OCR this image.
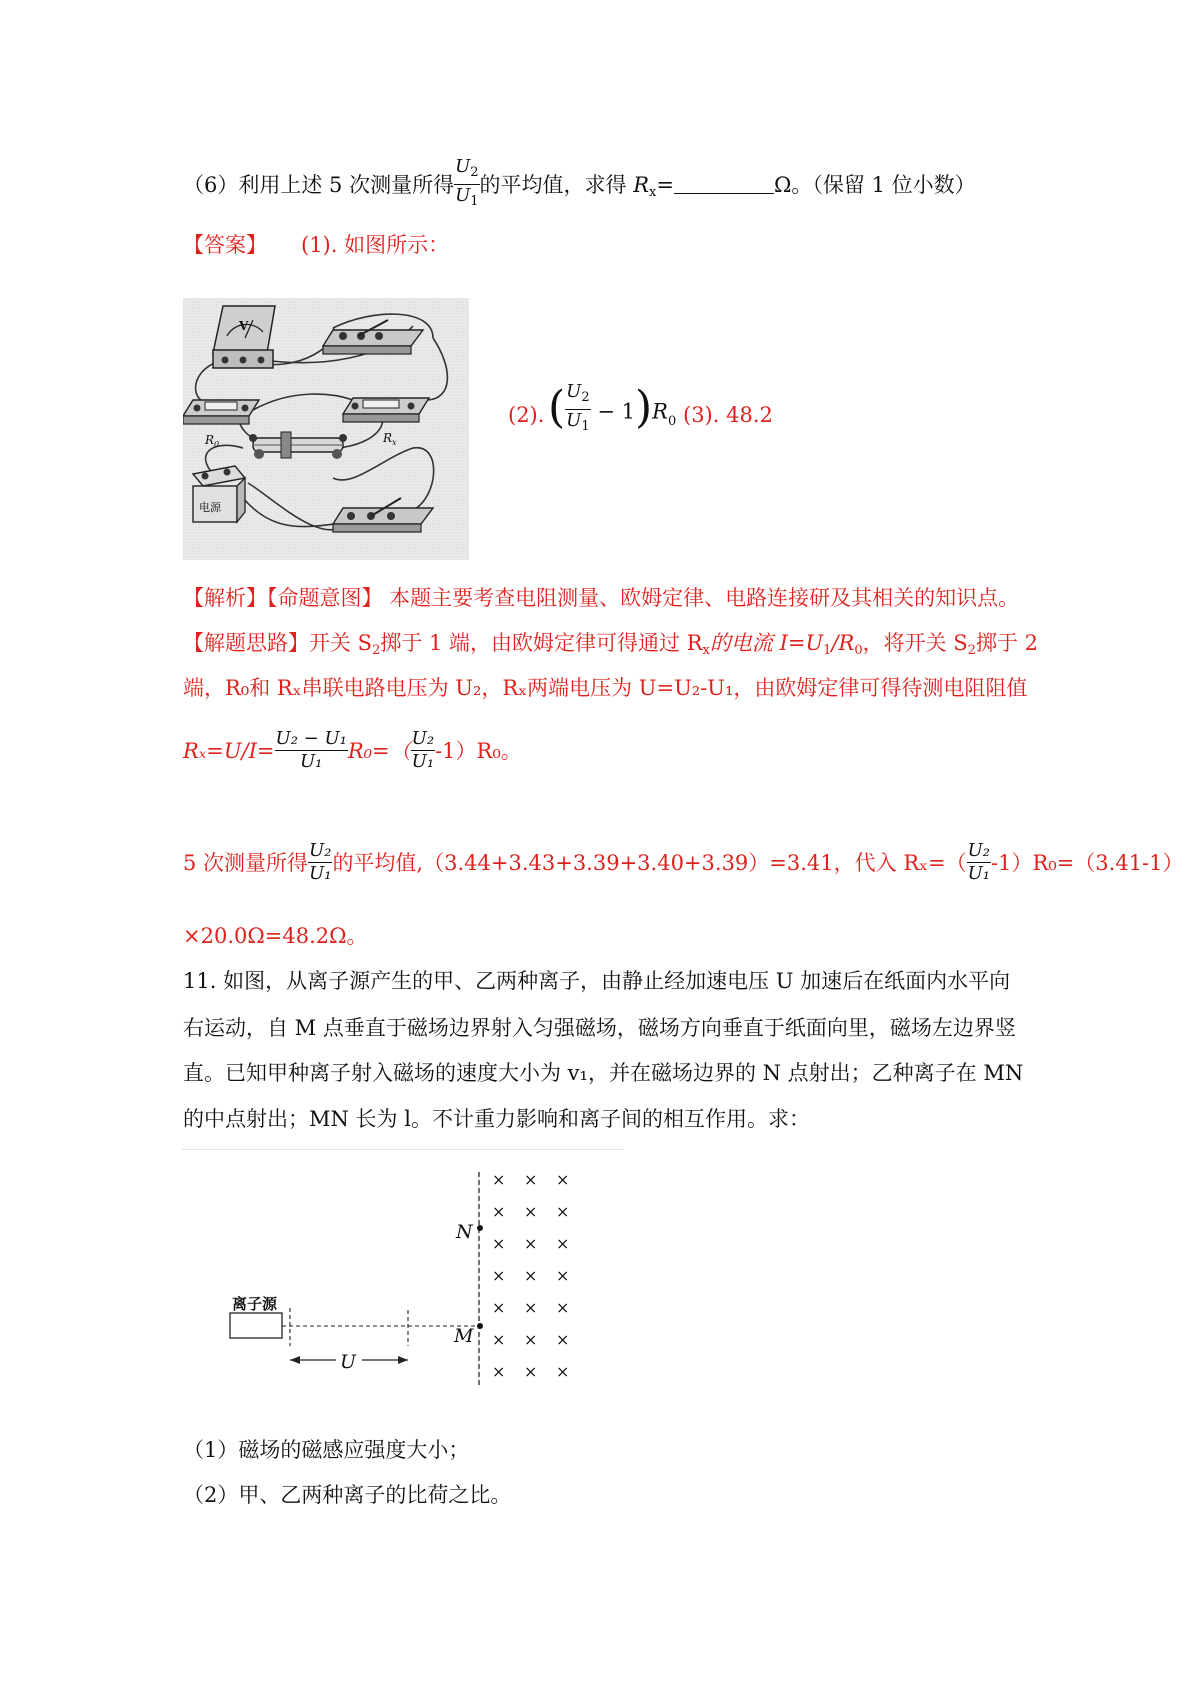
（6）利用上述 5 次测量所得 $\frac{U_2}{U_1}$ 的平均值，求得 $R_x=$	Ω。（保留 1 位小数）
【答案】 (1). 如图所示：
V
$R_0$	$R_x$
电源
(2). ( $\frac{U_2}{U_1} - 1)R_0$ (3). 48.2
【解析】【命题意图】 本题主要考查电阻测量、欧姆定律、电路连接研及其相关的知识点。
【解题思路】开关 $S_2$掷于 1 端，由欧姆定律可得通过 $R_x$的电流 $I=U_1/R_0$，将开关 $S_2$掷于 2
端，R₀和 Rₓ串联电路电压为 U₂，Rₓ两端电压为 U=U₂-U₁，由欧姆定律可得待测电阻阻值
$R_x=U/I= \frac{\text{U₂ − U₁}}{\text{U₁}} R_0=( \frac{\text{U₂}}{\text{U₁}} -1)R_0$。
5 次测量所得 $\frac{\text{U₂}}{\text{U₁}}$ 的平均值,（3.44+3.43+3.39+3.40+3.39）=3.41，代入 $R_x=( \frac{\text{U₂}}{\text{U₁}} -1)R_0=(3.41-1)$
×20.0Ω=48.2Ω。
11. 如图，从离子源产生的甲、乙两种离子，由静止经加速电压 U 加速后在纸面内水平向
右运动，自 M 点垂直于磁场边界射入匀强磁场，磁场方向垂直于纸面向里，磁场左边界竖
直。已知甲种离子射入磁场的速度大小为 v₁，并在磁场边界的 N 点射出；乙种离子在 MN
的中点射出；MN 长为 l。不计重力影响和离子间的相互作用。求：
离子源
U
N
M
× × ×
× × ×
× × ×
× × ×
× × ×
× × ×
× × ×
（1）磁场的磁感应强度大小；
（2）甲、乙两种离子的比荷之比。
